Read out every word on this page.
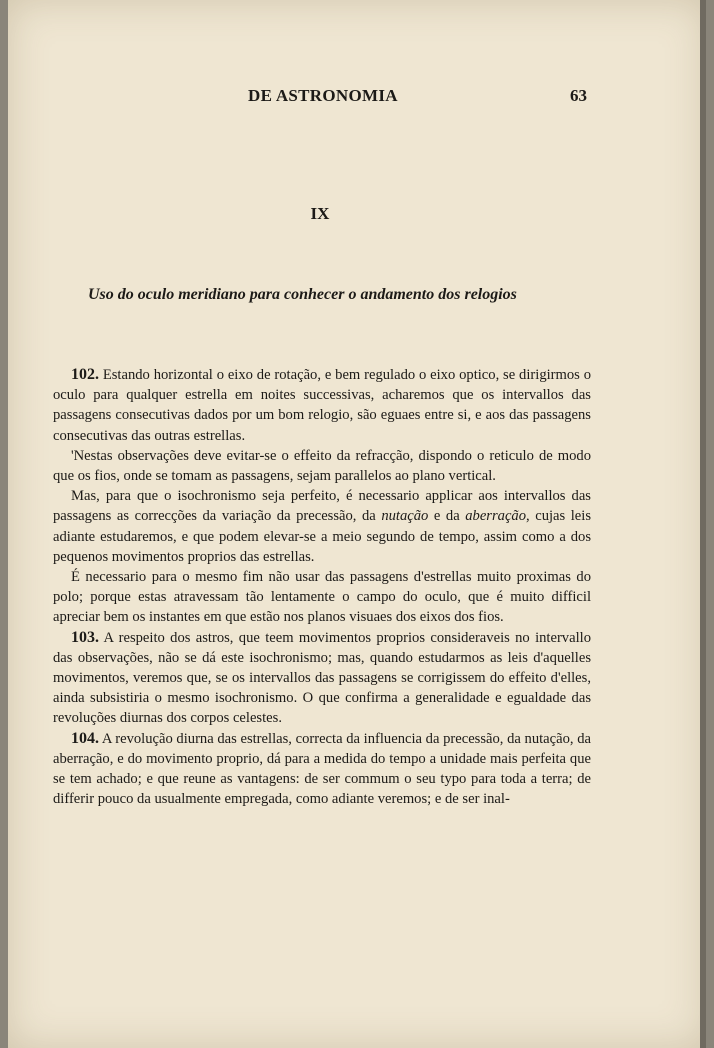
DE ASTRONOMIA	63
IX
Uso do oculo meridiano para conhecer o andamento dos relogios

102. Estando horizontal o eixo de rotação, e bem regulado o eixo optico, se dirigirmos o oculo para qualquer estrella em noites successivas, acharemos que os intervallos das passagens consecutivas dados por um bom relogio, são eguaes entre si, e aos das passagens consecutivas das outras estrellas.

'Nestas observações deve evitar-se o effeito da refracção, dispondo o reticulo de modo que os fios, onde se tomam as passagens, sejam parallelos ao plano vertical.

Mas, para que o isochronismo seja perfeito, é necessario applicar aos intervallos das passagens as correcções da variação da precessão, da nutação e da aberração, cujas leis adiante estudaremos, e que podem elevar-se a meio segundo de tempo, assim como a dos pequenos movimentos proprios das estrellas.

É necessario para o mesmo fim não usar das passagens d'estrellas muito proximas do polo; porque estas atravessam tão lentamente o campo do oculo, que é muito difficil apreciar bem os instantes em que estão nos planos visuaes dos eixos dos fios.

103. A respeito dos astros, que teem movimentos proprios consideraveis no intervallo das observações, não se dá este isochronismo; mas, quando estudarmos as leis d'aquelles movimentos, veremos que, se os intervallos das passagens se corrigissem do effeito d'elles, ainda subsistiria o mesmo isochronismo. O que confirma a generalidade e egualdade das revoluções diurnas dos corpos celestes.

104. A revolução diurna das estrellas, correcta da influencia da precessão, da nutação, da aberração, e do movimento proprio, dá para a medida do tempo a unidade mais perfeita que se tem achado; e que reune as vantagens: de ser commum o seu typo para toda a terra; de differir pouco da usualmente empregada, como adiante veremos; e de ser inal-
